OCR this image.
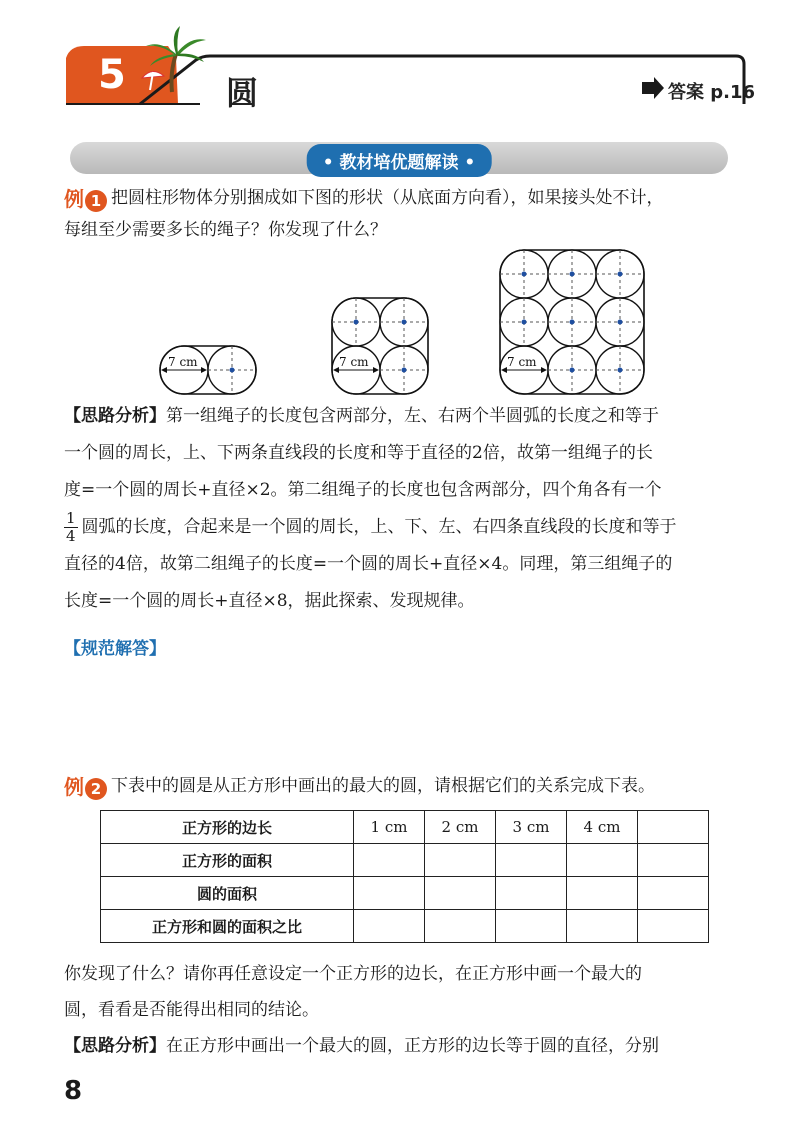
5	圆	答案 p.16
• 教材培优题解读 •
例 1 把圆柱形物体分别捆成如下图的形状（从底面方向看），如果接头处不计，
每组至少需要多长的绳子？你发现了什么？
7 cm	7 cm	7 cm
【思路分析】第一组绳子的长度包含两部分，左、右两个半圆弧的长度之和等于
一个圆的周长，上、下两条直线段的长度和等于直径的2倍，故第一组绳子的长
度=一个圆的周长+直径×2。第二组绳子的长度也包含两部分，四个角各有一个

$\frac{1}{4}$ 圆弧的长度，合起来是一个圆的周长，上、下、左、右四条直线段的长度和等于
直径的4倍，故第二组绳子的长度=一个圆的周长+直径×4。同理，第三组绳子的
长度=一个圆的周长+直径×8，据此探索、发现规律。
【规范解答】
例 2 下表中的圆是从正方形中画出的最大的圆，请根据它们的关系完成下表。
正方形的边长	1 cm	2 cm	3 cm	4 cm	
正方形的面积					
圆的面积					
正方形和圆的面积之比					
你发现了什么？请你再任意设定一个正方形的边长，在正方形中画一个最大的
圆，看看是否能得出相同的结论。
【思路分析】在正方形中画出一个最大的圆，正方形的边长等于圆的直径，分别
8
